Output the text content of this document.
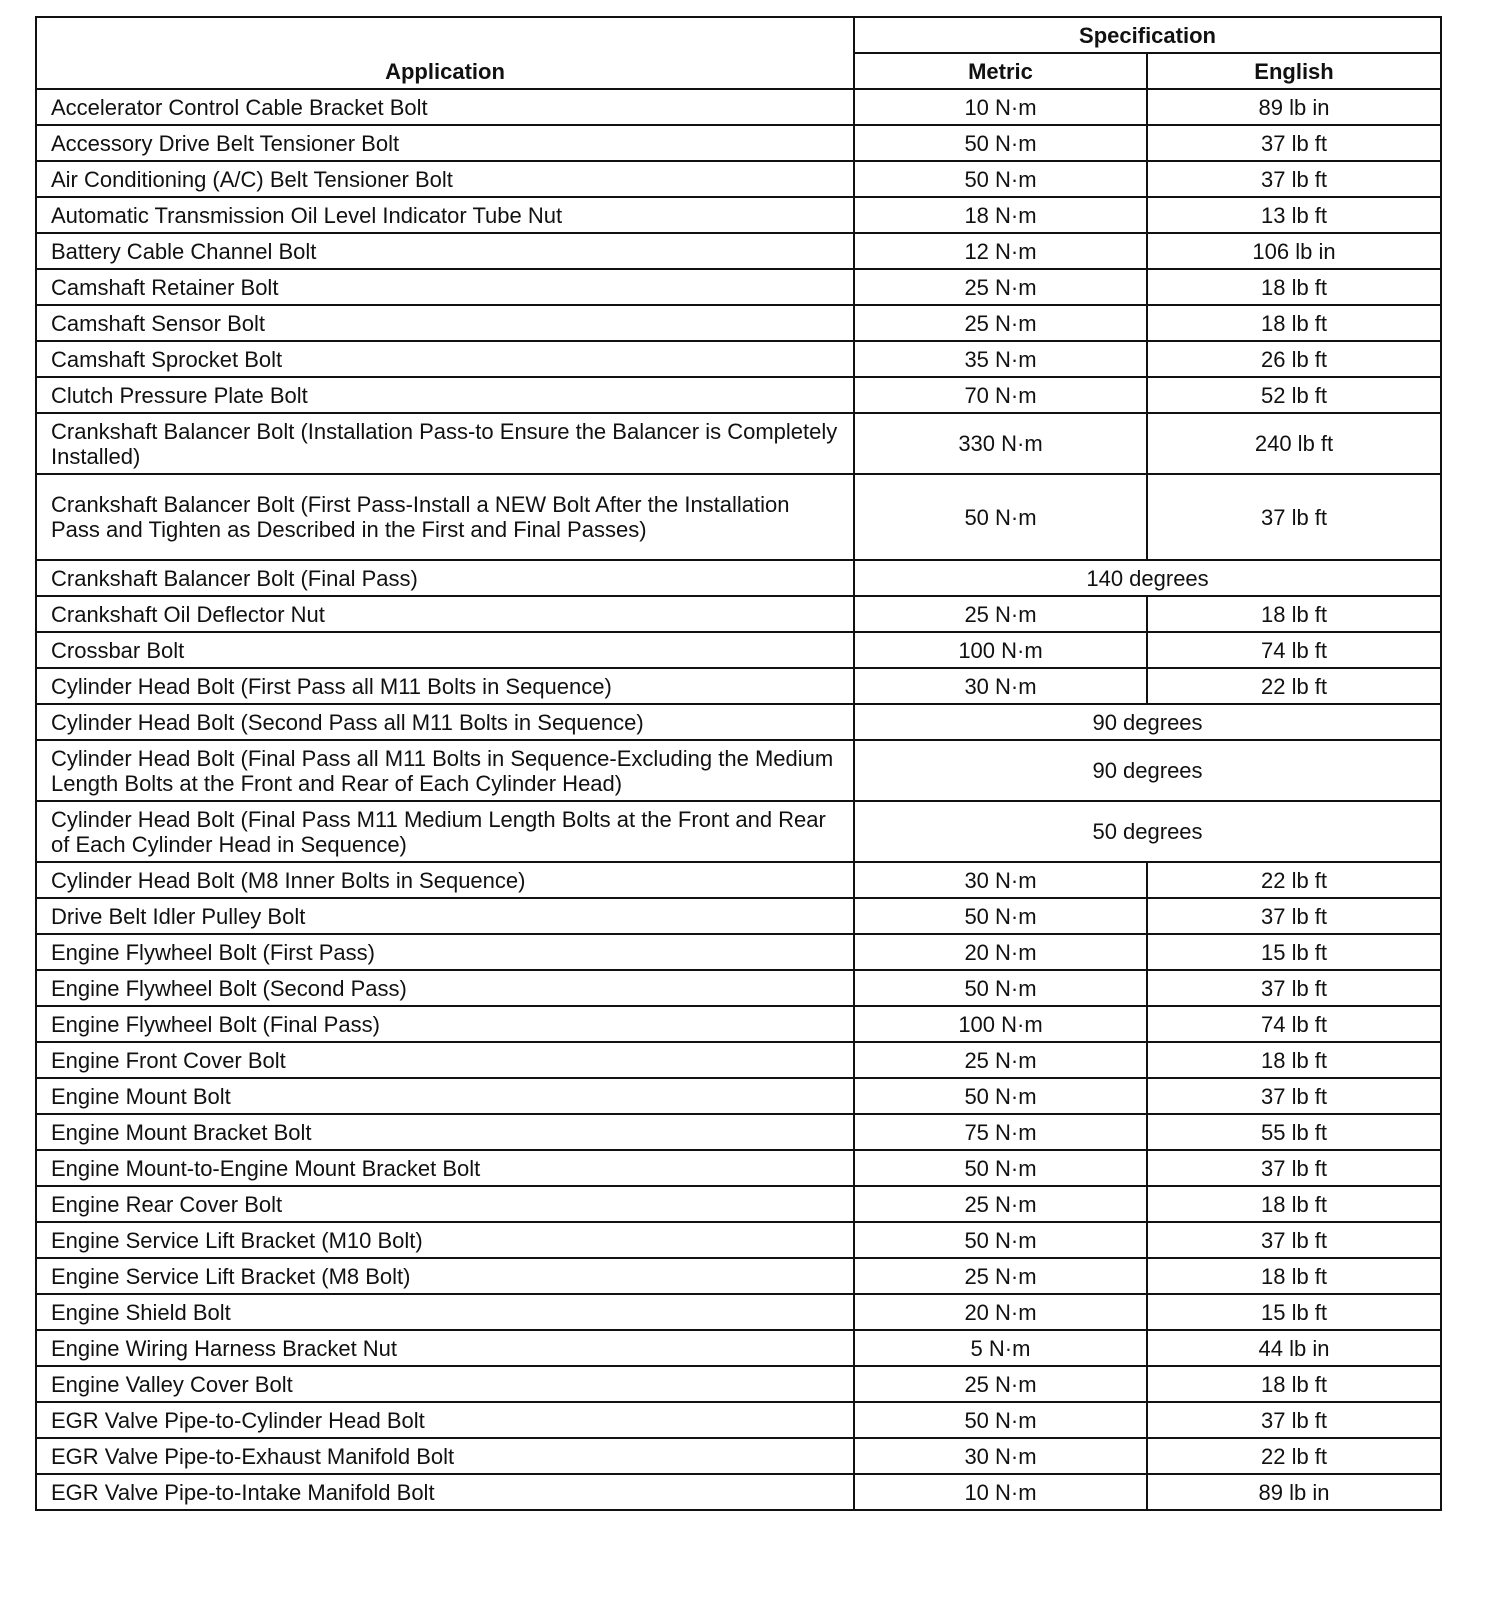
Application	Specification	
	Metric	English
Accelerator Control Cable Bracket Bolt	10 N·m	89 lb in
Accessory Drive Belt Tensioner Bolt	50 N·m	37 lb ft
Air Conditioning (A/C) Belt Tensioner Bolt	50 N·m	37 lb ft
Automatic Transmission Oil Level Indicator Tube Nut	18 N·m	13 lb ft
Battery Cable Channel Bolt	12 N·m	106 lb in
Camshaft Retainer Bolt	25 N·m	18 lb ft
Camshaft Sensor Bolt	25 N·m	18 lb ft
Camshaft Sprocket Bolt	35 N·m	26 lb ft
Clutch Pressure Plate Bolt	70 N·m	52 lb ft
Crankshaft Balancer Bolt (Installation Pass-to Ensure the Balancer is Completely Installed)	330 N·m	240 lb ft
Crankshaft Balancer Bolt (First Pass-Install a NEW Bolt After the Installation Pass and Tighten as Described in the First and Final Passes)	50 N·m	37 lb ft
Crankshaft Balancer Bolt (Final Pass)	140 degrees	
Crankshaft Oil Deflector Nut	25 N·m	18 lb ft
Crossbar Bolt	100 N·m	74 lb ft
Cylinder Head Bolt (First Pass all M11 Bolts in Sequence)	30 N·m	22 lb ft
Cylinder Head Bolt (Second Pass all M11 Bolts in Sequence)	90 degrees	
Cylinder Head Bolt (Final Pass all M11 Bolts in Sequence-Excluding the Medium Length Bolts at the Front and Rear of Each Cylinder Head)	90 degrees	
Cylinder Head Bolt (Final Pass M11 Medium Length Bolts at the Front and Rear of Each Cylinder Head in Sequence)	50 degrees	
Cylinder Head Bolt (M8 Inner Bolts in Sequence)	30 N·m	22 lb ft
Drive Belt Idler Pulley Bolt	50 N·m	37 lb ft
Engine Flywheel Bolt (First Pass)	20 N·m	15 lb ft
Engine Flywheel Bolt (Second Pass)	50 N·m	37 lb ft
Engine Flywheel Bolt (Final Pass)	100 N·m	74 lb ft
Engine Front Cover Bolt	25 N·m	18 lb ft
Engine Mount Bolt	50 N·m	37 lb ft
Engine Mount Bracket Bolt	75 N·m	55 lb ft
Engine Mount-to-Engine Mount Bracket Bolt	50 N·m	37 lb ft
Engine Rear Cover Bolt	25 N·m	18 lb ft
Engine Service Lift Bracket (M10 Bolt)	50 N·m	37 lb ft
Engine Service Lift Bracket (M8 Bolt)	25 N·m	18 lb ft
Engine Shield Bolt	20 N·m	15 lb ft
Engine Wiring Harness Bracket Nut	5 N·m	44 lb in
Engine Valley Cover Bolt	25 N·m	18 lb ft
EGR Valve Pipe-to-Cylinder Head Bolt	50 N·m	37 lb ft
EGR Valve Pipe-to-Exhaust Manifold Bolt	30 N·m	22 lb ft
EGR Valve Pipe-to-Intake Manifold Bolt	10 N·m	89 lb in
